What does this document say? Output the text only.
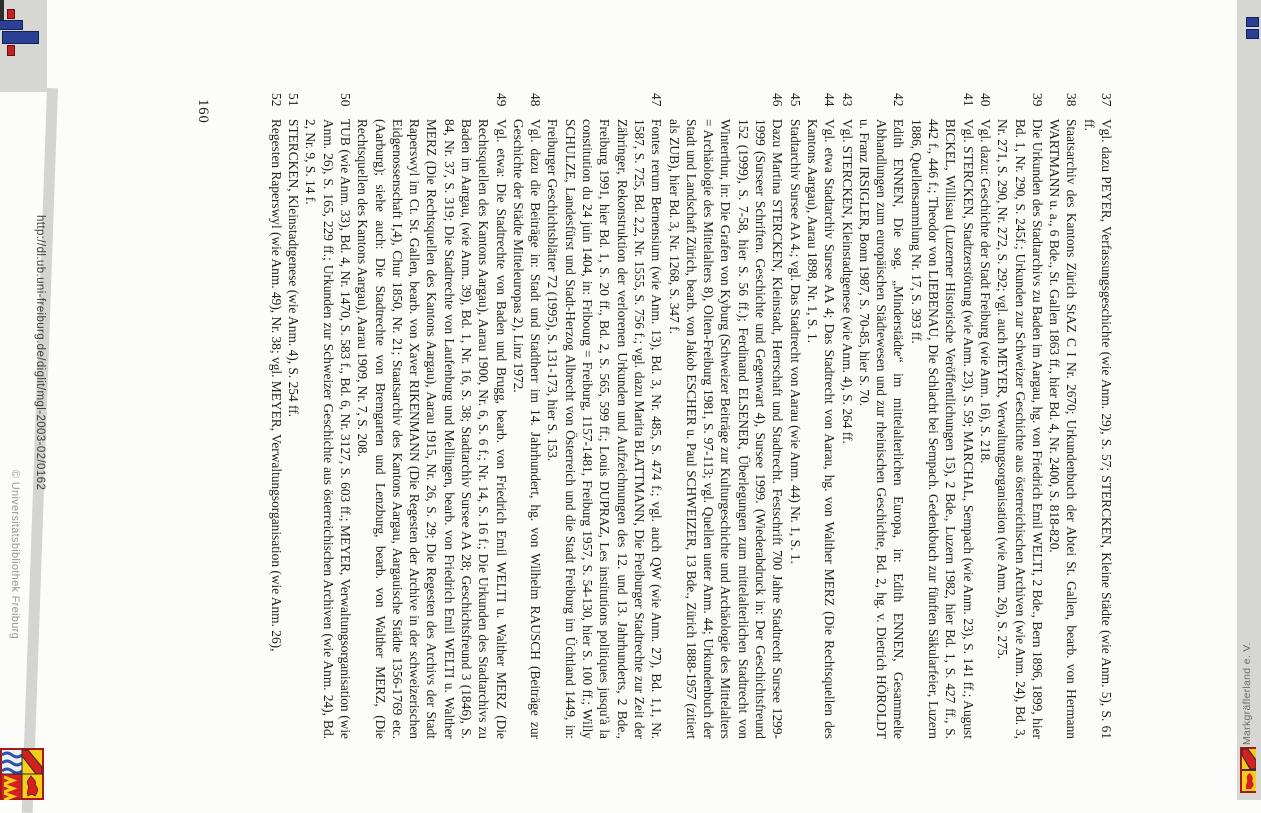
37
Vgl. dazu PEYER, Verfassungsgeschichte (wie Anm. 29), S. 57; STERCKEN, Kleine Städte (wie Anm. 5), S. 61 ff.
38
Staatsarchiv des Kantons Zürich StAZ C I Nr. 2670; Urkundenbuch der Abtei St. Gallen, bearb. von Hermann WARTMANN u. a., 6 Bde., St. Gallen 1863 ff., hier Bd. 4, Nr. 2400, S. 818-820.
39
Die Urkunden des Stadtarchivs zu Baden im Aargau, hg. von Friedrich Emil WELTI, 2 Bde., Bern 1896, 1899, hier Bd. 1, Nr. 290, S. 245f.; Urkunden zur Schweizer Geschichte aus österreichischen Archiven (wie Anm. 24), Bd. 3, Nr. 271, S. 290, Nr. 272, S. 292; vgl. auch MEYER, Verwaltungsorganisation (wie Anm. 26), S. 275.
40
Vgl. dazu: Geschichte der Stadt Freiburg (wie Anm. 16), S. 218.
41
Vgl. STERCKEN, Stadtzerstörung (wie Anm. 23), S. 59; MARCHAL, Sempach (wie Anm. 23), S. 141 ff.; August BICKEL, Willisau (Luzerner Historische Veröffentlichungen 15), 2 Bde., Luzern 1982, hier Bd. 1, S. 427 ff., S. 442 f., 446 f.; Theodor von LIEBENAU, Die Schlacht bei Sempach. Gedenkbuch zur fünften Säkularfeier, Luzern 1886, Quellensammlung Nr. 17, S. 393 ff.
42
Edith ENNEN, Die sog. „Minderstädte“ im mittelalterlichen Europa, in: Edith ENNEN, Gesammelte Abhandlungen zum europäischen Städtewesen und zur rheinischen Geschichte, Bd. 2, hg. v. Dietrich HÖROLDT u. Franz IRSIGLER, Bonn 1987, S. 70-85, hier S. 70.
43
Vgl. STERCKEN, Kleinstadtgenese (wie Anm. 4), S. 264 ff.
44
Vgl. etwa Stadtarchiv Sursee AA 4; Das Stadtrecht von Aarau, hg. von Walther MERZ (Die Rechtsquellen des Kantons Aargau), Aarau 1898, Nr. 1, S. 1.
45
Stadtarchiv Sursee AA 4.; vgl. Das Stadtrecht von Aarau (wie Anm. 44) Nr. 1, S. 1.
46
Dazu Martina STERCKEN, Kleinstadt, Herrschaft und Stadtrecht. Festschrift 700 Jahre Stadtrecht Sursee 1299-1999 (Surseer Schriften. Geschichte und Gegenwart 4), Sursee 1999. (Wiederabdruck in: Der Geschichtsfreund 152 (1999), S. 7-58, hier S. 56 ff.); Ferdinand ELSENER, Überlegungen zum mittelalterlichen Stadtrecht von Winterthur, in: Die Grafen von Kyburg (Schweizer Beiträge zur Kulturgeschichte und Archäologie des Mittelalters = Archäologie des Mittelalters 8), Olten-Freiburg 1981, S. 97-113; vgl. Quellen unter Anm. 44; Urkundenbuch der Stadt und Landschaft Zürich, bearb. von Jakob ESCHER u. Paul SCHWEIZER, 13 Bde., Zürich 1888-1957 (zitiert als ZUB), hier Bd. 3, Nr. 1268, S. 347 f.
47
Fontes rerum Bernensium (wie Anm. 13), Bd. 3, Nr. 485, S. 474 f.; vgl. auch QW (wie Anm. 27), Bd. 1,1, Nr. 1587, S. 725, Bd. 2,2, Nr. 1555, S. 756 f.; vgl. dazu Marita BLATTMANN, Die Freiburger Stadtrechte zur Zeit der Zähringer, Rekonstruktion der verlorenen Urkunden und Aufzeichnungen des 12. und 13. Jahrhunderts, 2 Bde., Freiburg 1991, hier Bd. 1, S. 20 ff., Bd. 2, S. 565, 599 ff.; Louis DUPRAZ, Les institutions politiques jusqu'à la constitution du 24 juin 1404, in: Fribourg = Freiburg, 1157-1481, Freiburg 1957, S. 54-130, hier S. 100 ff.; Willy SCHULZE, Landesfürst und Stadt-Herzog Albrecht von Österreich und die Stadt Freiburg im Üchtland 1449, in: Freiburger Geschichtsblätter 72 (1995), S. 131-173, hier S. 153.
48
Vgl. dazu die Beiträge in: Stadt und Stadtherr im 14. Jahrhundert, hg. von Wilhelm RAUSCH (Beiträge zur Geschichte der Städte Mitteleuropas 2), Linz 1972.
49
Vgl. etwa: Die Stadtrechte von Baden und Brugg, bearb. von Friedrich Emil WELTI u. Walther MERZ (Die Rechtsquellen des Kantons Aargau), Aarau 1900, Nr. 6, S. 6 f.; Nr. 14, S. 16 f.; Die Urkunden des Stadtarchivs zu Baden im Aargau, (wie Anm. 39), Bd. 1, Nr. 16, S. 38; Stadtarchiv Sursee AA 28; Geschichtsfreund 3 (1846), S. 84, Nr. 37, S. 319; Die Stadtrechte von Laufenburg und Mellingen, bearb. von Friedrich Emil WELTI u. Walther MERZ (Die Rechtsquellen des Kantons Aargau), Aarau 1915, Nr. 26, S. 29; Die Regesten des Archivs der Stadt Raperswyl im Ct. St. Gallen, bearb. von Xaver RIKENMANN (Die Regesten der Archive in der schweizerischen Eidgenossenschaft I,4), Chur 1850, Nr. 21; Staatsarchiv des Kantons Aargau, Aargauische Städte 1356-1769 etc. (Aarburg); siehe auch: Die Stadtrechte von Bremgarten und Lenzburg, bearb. von Walther MERZ, (Die Rechtsquellen des Kantons Aargau), Aarau 1909, Nr. 7, S. 208.
50
TUB (wie Anm. 33), Bd. 4, Nr. 1470, S. 583 f., Bd. 6, Nr. 3127, S. 603 ff.; MEYER, Verwaltungsorganisation (wie Anm. 26), S. 165, 229 ff.; Urkunden zur Schweizer Geschichte aus österreichischen Archiven (wie Anm. 24), Bd. 2, Nr. 9, S. 14 f.
51
STERCKEN, Kleinstadtgenese (wie Anm. 4), S. 254 ff.
52
Regesten Raperswyl (wie Anm. 49), Nr. 38; vgl. MEYER, Verwaltungsorganisation (wie Anm. 26),
160
http://dl.ub.uni-freiburg.de/diglit/mgl-2003-02/0162
© Universitätsbibliothek Freiburg
Markgräflerland e. V.
